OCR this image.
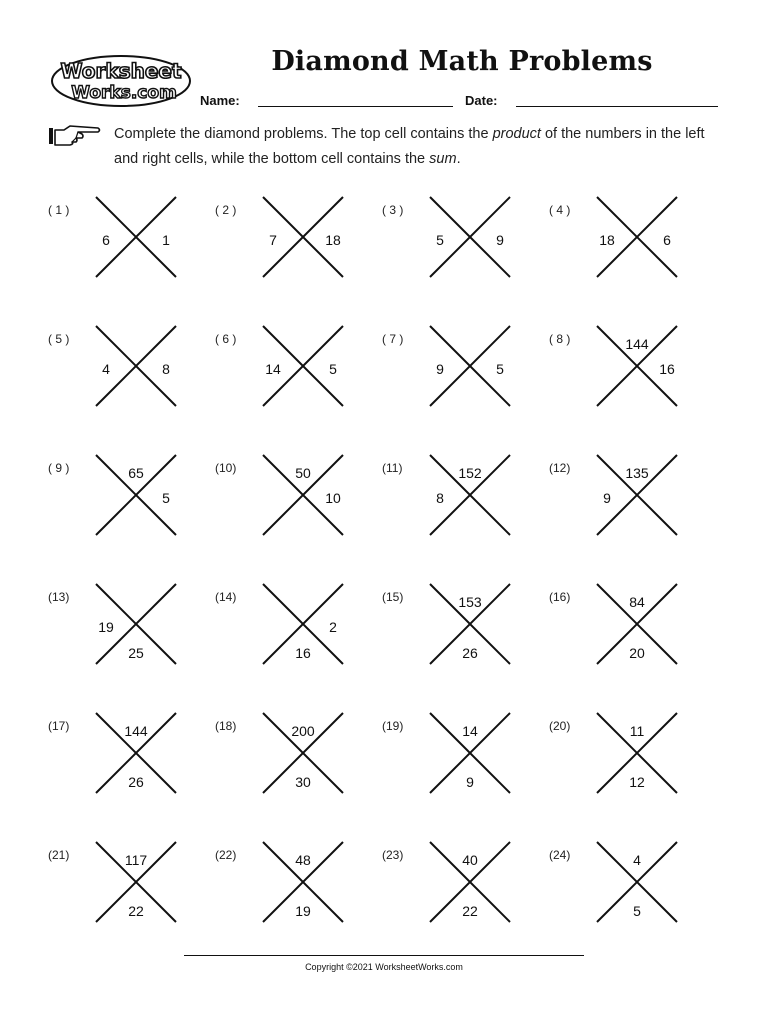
Worksheet
Works.com
Diamond Math Problems
Name:	Date:
Complete the diamond problems. The top cell contains the product of the numbers in the left and right cells, while the bottom cell contains the sum.
( 1 )
6	1
( 2 )
7	18
( 3 )
5	9
( 4 )
18	6
( 5 )
4	8
( 6 )
14	5
( 7 )
9	5
( 8 )	144
16
( 9 )	65
5
(10)	50
10
(11)	152
8
(12)	135
9
(13)
19
25
(14)
2
16
(15)	153
26
(16)	84
20
(17)	144
26
(18)	200
30
(19)	14
9
(20)	11
12
(21)	117
22
(22)	48
19
(23)	40
22
(24)	4
5
Copyright ©2021 WorksheetWorks.com
